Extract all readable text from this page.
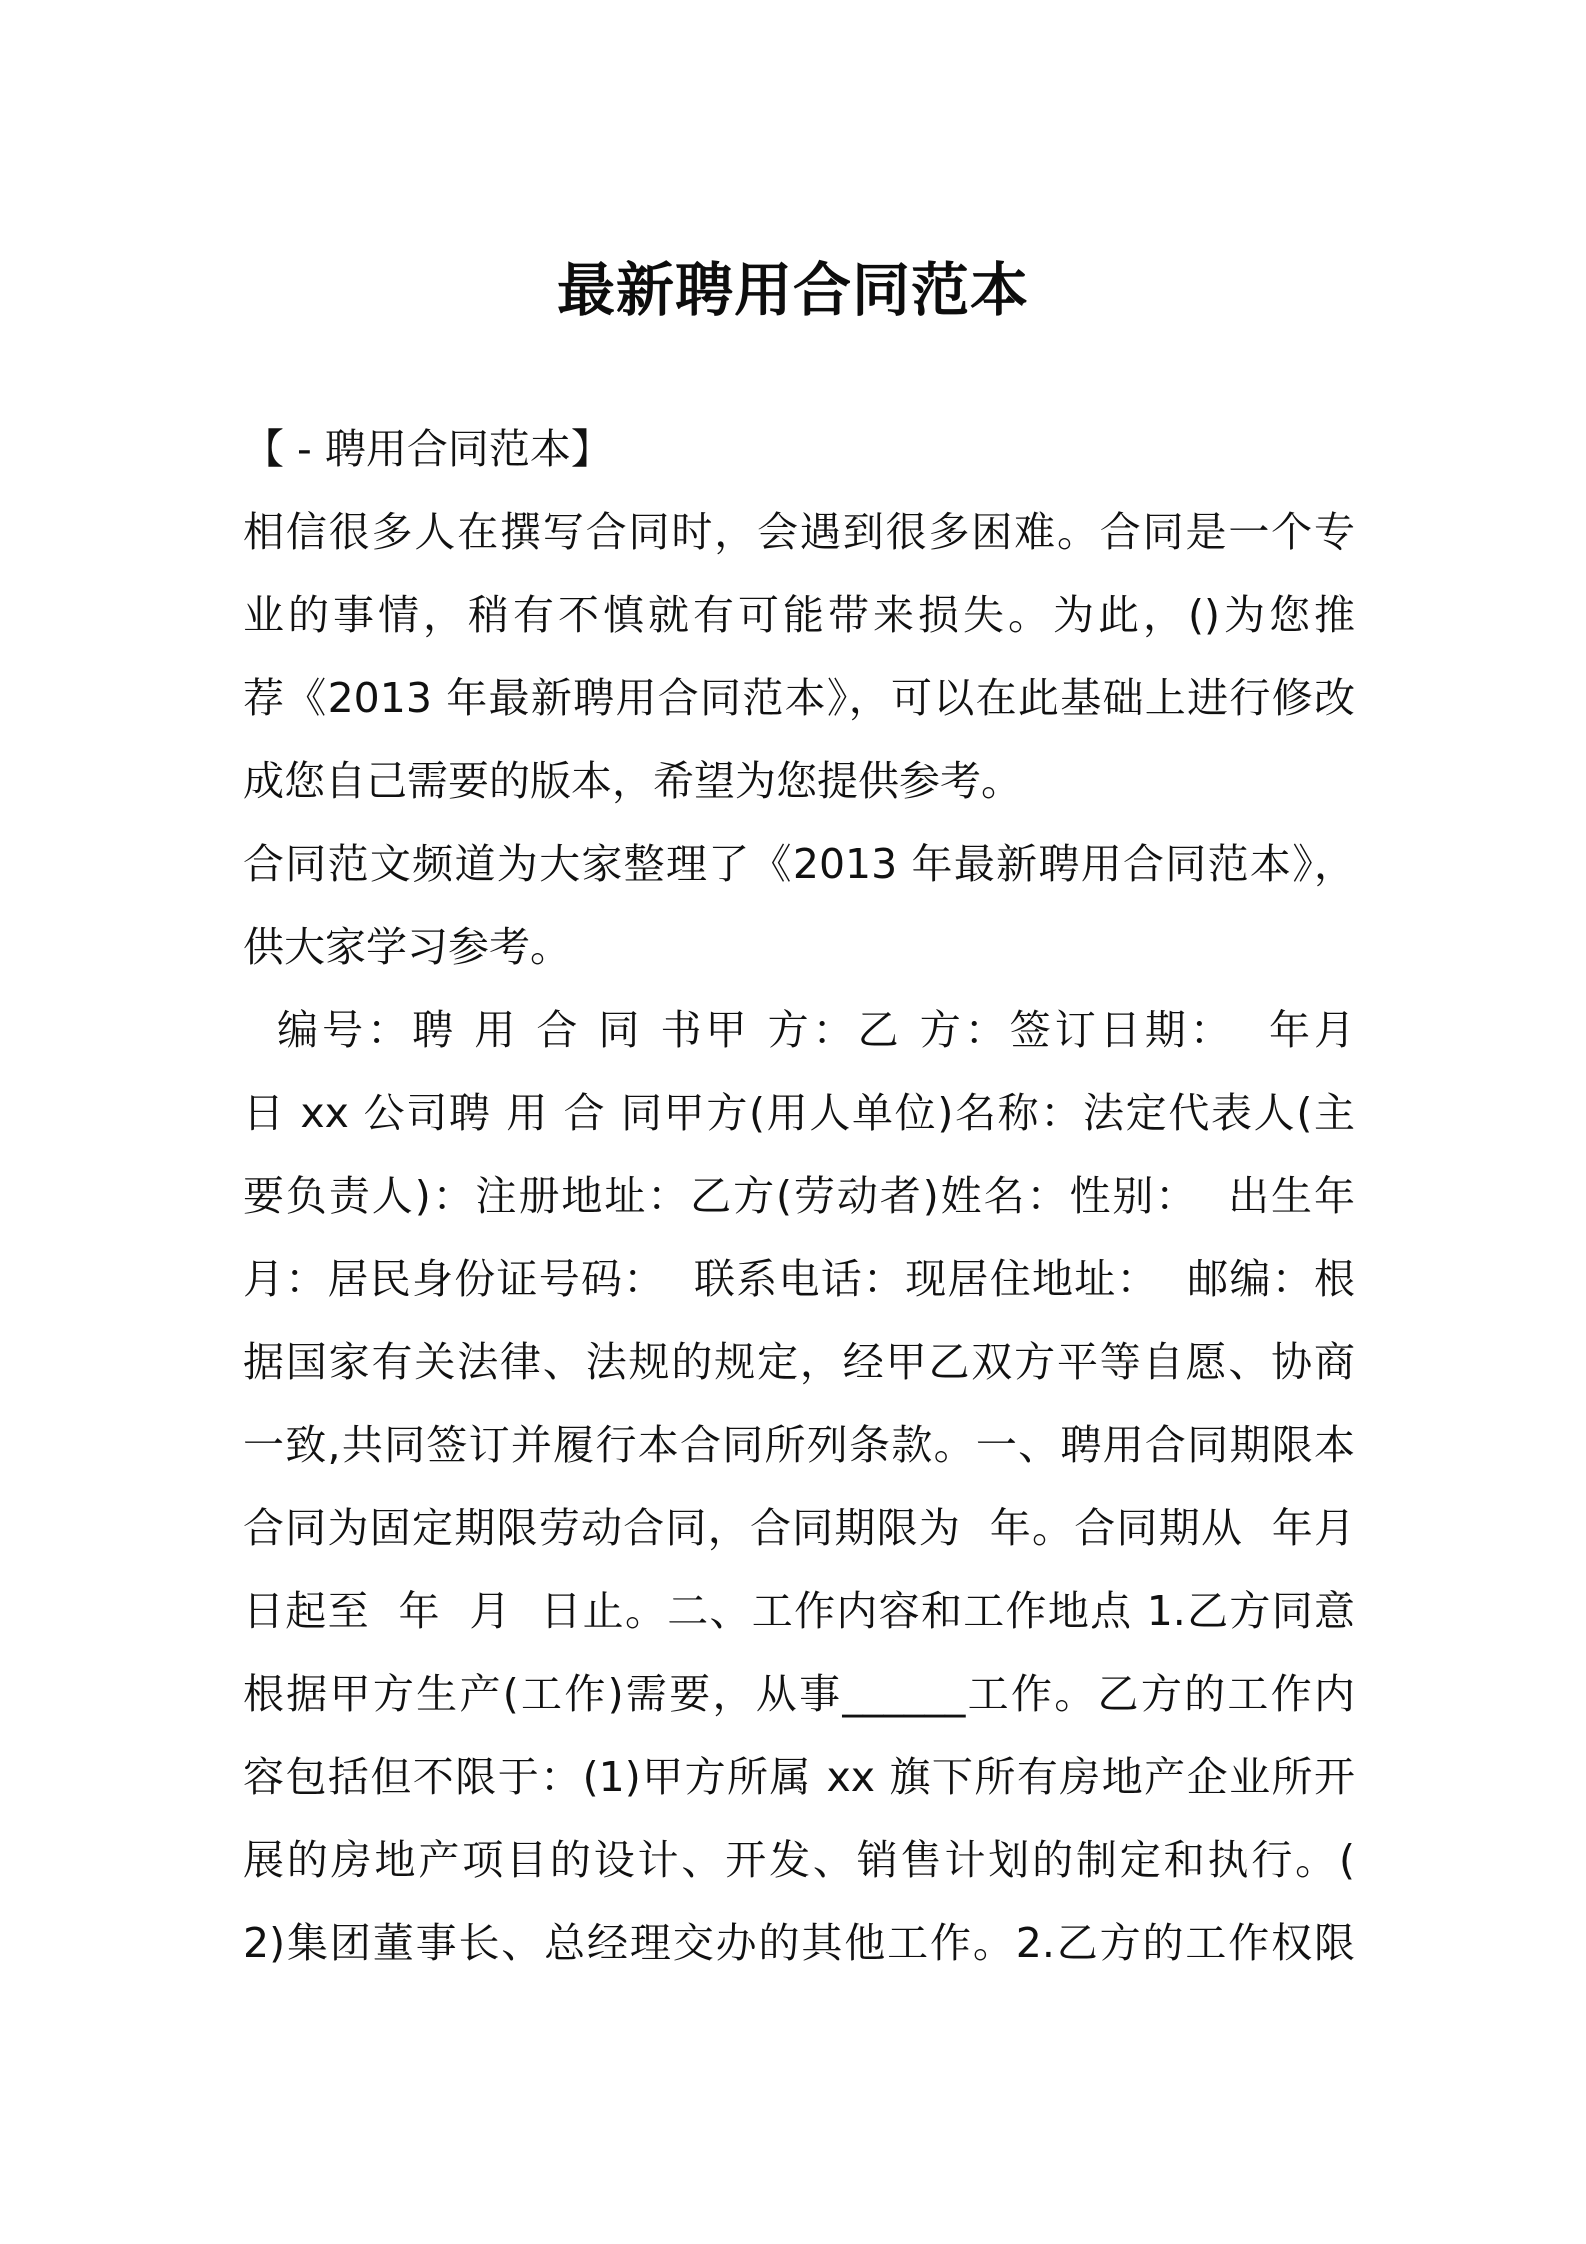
最新聘用合同范本
【 - 聘用合同范本】
相信很多人在撰写合同时，会遇到很多困难。合同是一个专
业的事情，稍有不慎就有可能带来损失。为此，()为您推
荐《2013 年最新聘用合同范本》，可以在此基础上进行修改
成您自己需要的版本，希望为您提供参考。
合同范文频道为大家整理了《2013 年最新聘用合同范本》，
供大家学习参考。
编号：聘 用 合 同 书甲 方：乙 方：签订日期：  年月
日 xx 公司聘 用 合 同甲方(用人单位)名称：法定代表人(主
要负责人)：注册地址：乙方(劳动者)姓名：性别：  出生年
月：居民身份证号码：  联系电话：现居住地址：  邮编：根
据国家有关法律、法规的规定，经甲乙双方平等自愿、协商
一致,共同签订并履行本合同所列条款。一、聘用合同期限本
合同为固定期限劳动合同，合同期限为  年。合同期从  年月
日起至  年  月  日止。二、工作内容和工作地点 1.乙方同意
根据甲方生产(工作)需要，从事______工作。乙方的工作内
容包括但不限于：(1)甲方所属 xx 旗下所有房地产企业所开
展的房地产项目的设计、开发、销售计划的制定和执行。(
2)集团董事长、总经理交办的其他工作。2.乙方的工作权限
